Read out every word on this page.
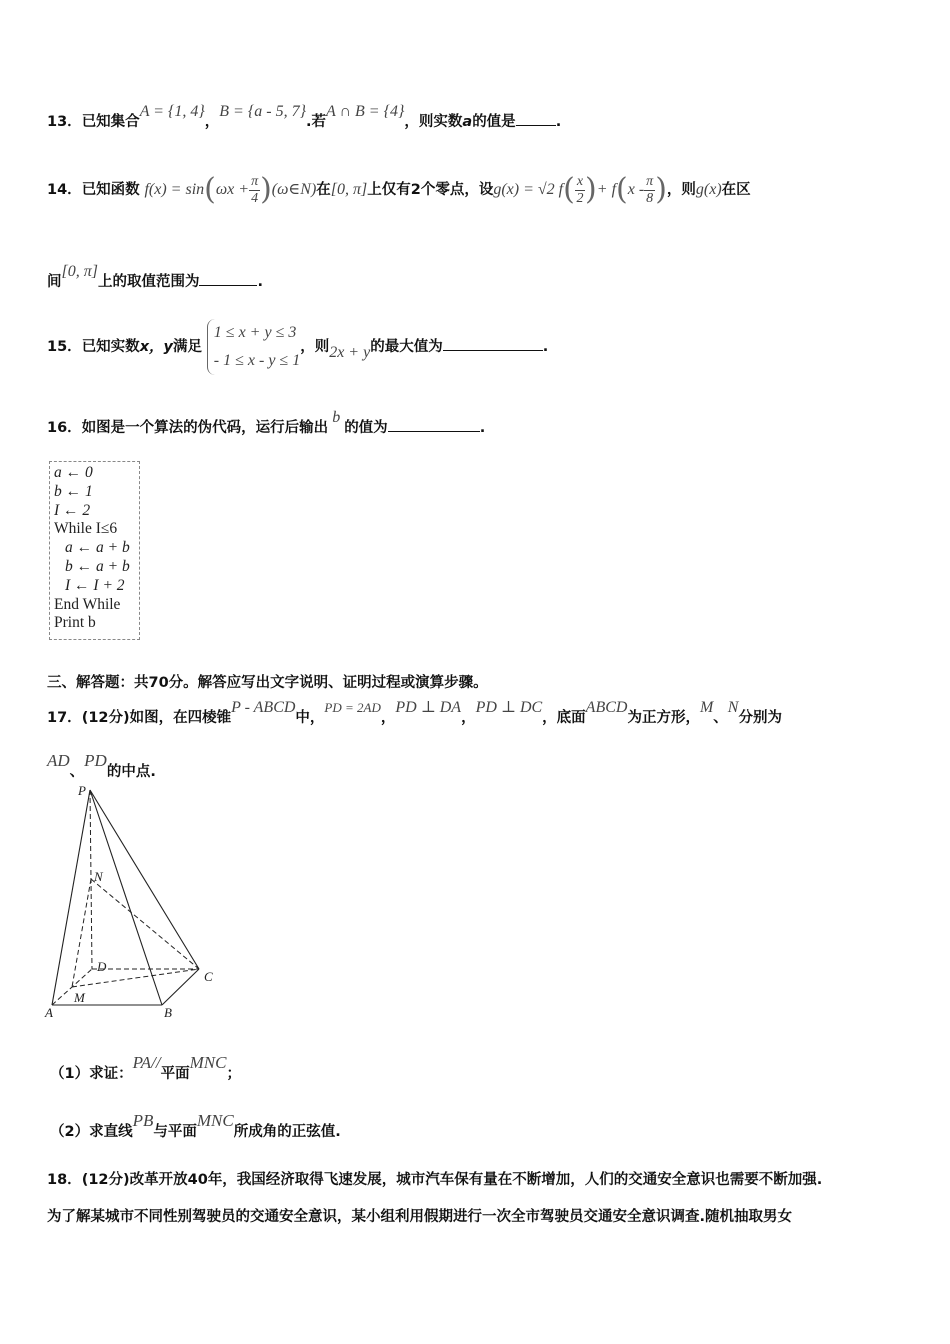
13．已知集合A = {1, 4}，B = {a - 5, 7}.若A ∩ B = {4}，则实数a的值是	.
14．已知函数 $f(x) = \sin(\omega x + \frac{\pi}{4}$ )(ω∈N)在[0, π]上仅有2个零点，设g(x) = √2 $f( \frac{x}{2}$ )+ $f(x - \frac{\pi}{8}$ )，则g(x)在区
间[0, π]上的取值范围为	.
15．已知实数x，y满足
1 ≤ x + y ≤ 3
- 1 ≤ x - y ≤ 1
，则2x + y的最大值为	.
16．如图是一个算法的伪代码，运行后输出b的值为	.
a ← 0
b ← 1
I ← 2
While I≤6
a ← a + b
b ← a + b
I ← I + 2
End While
Print b
三、解答题：共70分。解答应写出文字说明、证明过程或演算步骤。
17．(12分)如图，在四棱锥P - ABCD中，PD = 2AD，PD ⊥ DA，PD ⊥ DC，底面ABCD为正方形，M、N分别为
AD、PD的中点.
P
N
D
C
M
A	B
（1）求证：PA//平面MNC；
（2）求直线PB与平面MNC所成角的正弦值.
18．(12分)改革开放40年，我国经济取得飞速发展，城市汽车保有量在不断增加，人们的交通安全意识也需要不断加强.
为了解某城市不同性别驾驶员的交通安全意识，某小组利用假期进行一次全市驾驶员交通安全意识调查.随机抽取男女
